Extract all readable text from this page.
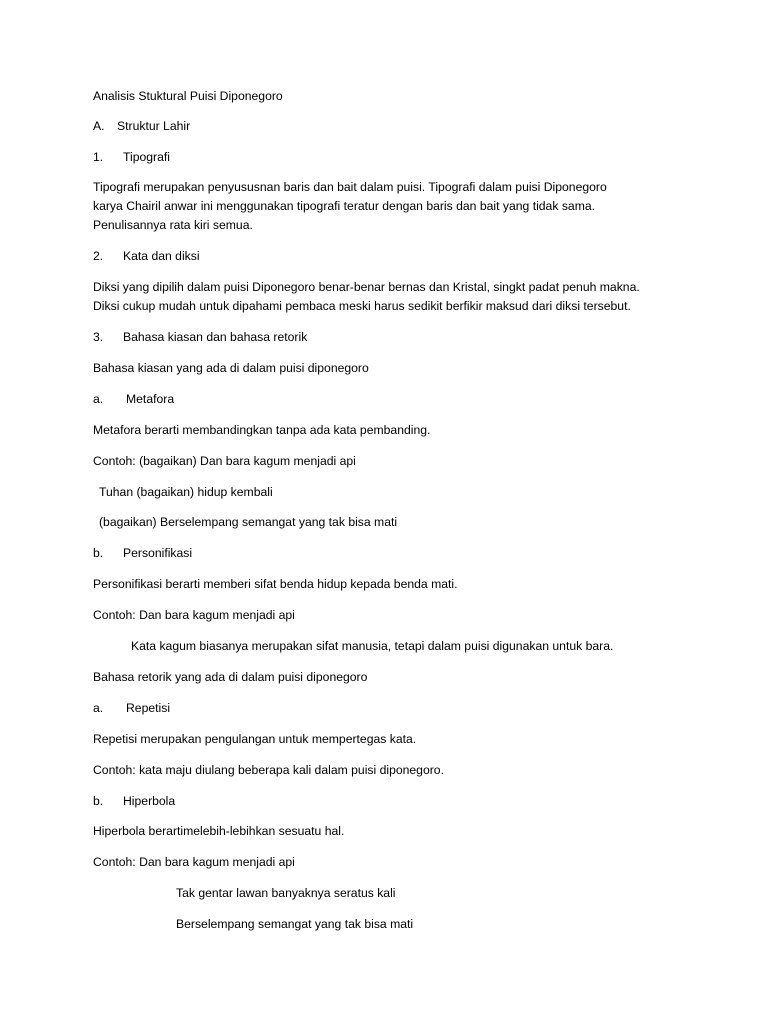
Analisis Stuktural Puisi Diponegoro

A. Struktur Lahir

1. Tipografi

Tipografi merupakan penyususnan baris dan bait dalam puisi. Tipografi dalam puisi Diponegoro

karya Chairil anwar ini menggunakan tipografi teratur dengan baris dan bait yang tidak sama.

Penulisannya rata kiri semua.

2. Kata dan diksi

Diksi yang dipilih dalam puisi Diponegoro benar-benar bernas dan Kristal, singkt padat penuh makna.

Diksi cukup mudah untuk dipahami pembaca meski harus sedikit berfikir maksud dari diksi tersebut.

3. Bahasa kiasan dan bahasa retorik

Bahasa kiasan yang ada di dalam puisi diponegoro

a. Metafora

Metafora berarti membandingkan tanpa ada kata pembanding.

Contoh: (bagaikan) Dan bara kagum menjadi api

Tuhan (bagaikan) hidup kembali

(bagaikan) Berselempang semangat yang tak bisa mati

b. Personifikasi

Personifikasi berarti memberi sifat benda hidup kepada benda mati.

Contoh: Dan bara kagum menjadi api

Kata kagum biasanya merupakan sifat manusia, tetapi dalam puisi digunakan untuk bara.

Bahasa retorik yang ada di dalam puisi diponegoro

a. Repetisi

Repetisi merupakan pengulangan untuk mempertegas kata.

Contoh: kata maju diulang beberapa kali dalam puisi diponegoro.

b. Hiperbola

Hiperbola berartimelebih-lebihkan sesuatu hal.

Contoh: Dan bara kagum menjadi api

Tak gentar lawan banyaknya seratus kali

Berselempang semangat yang tak bisa mati
